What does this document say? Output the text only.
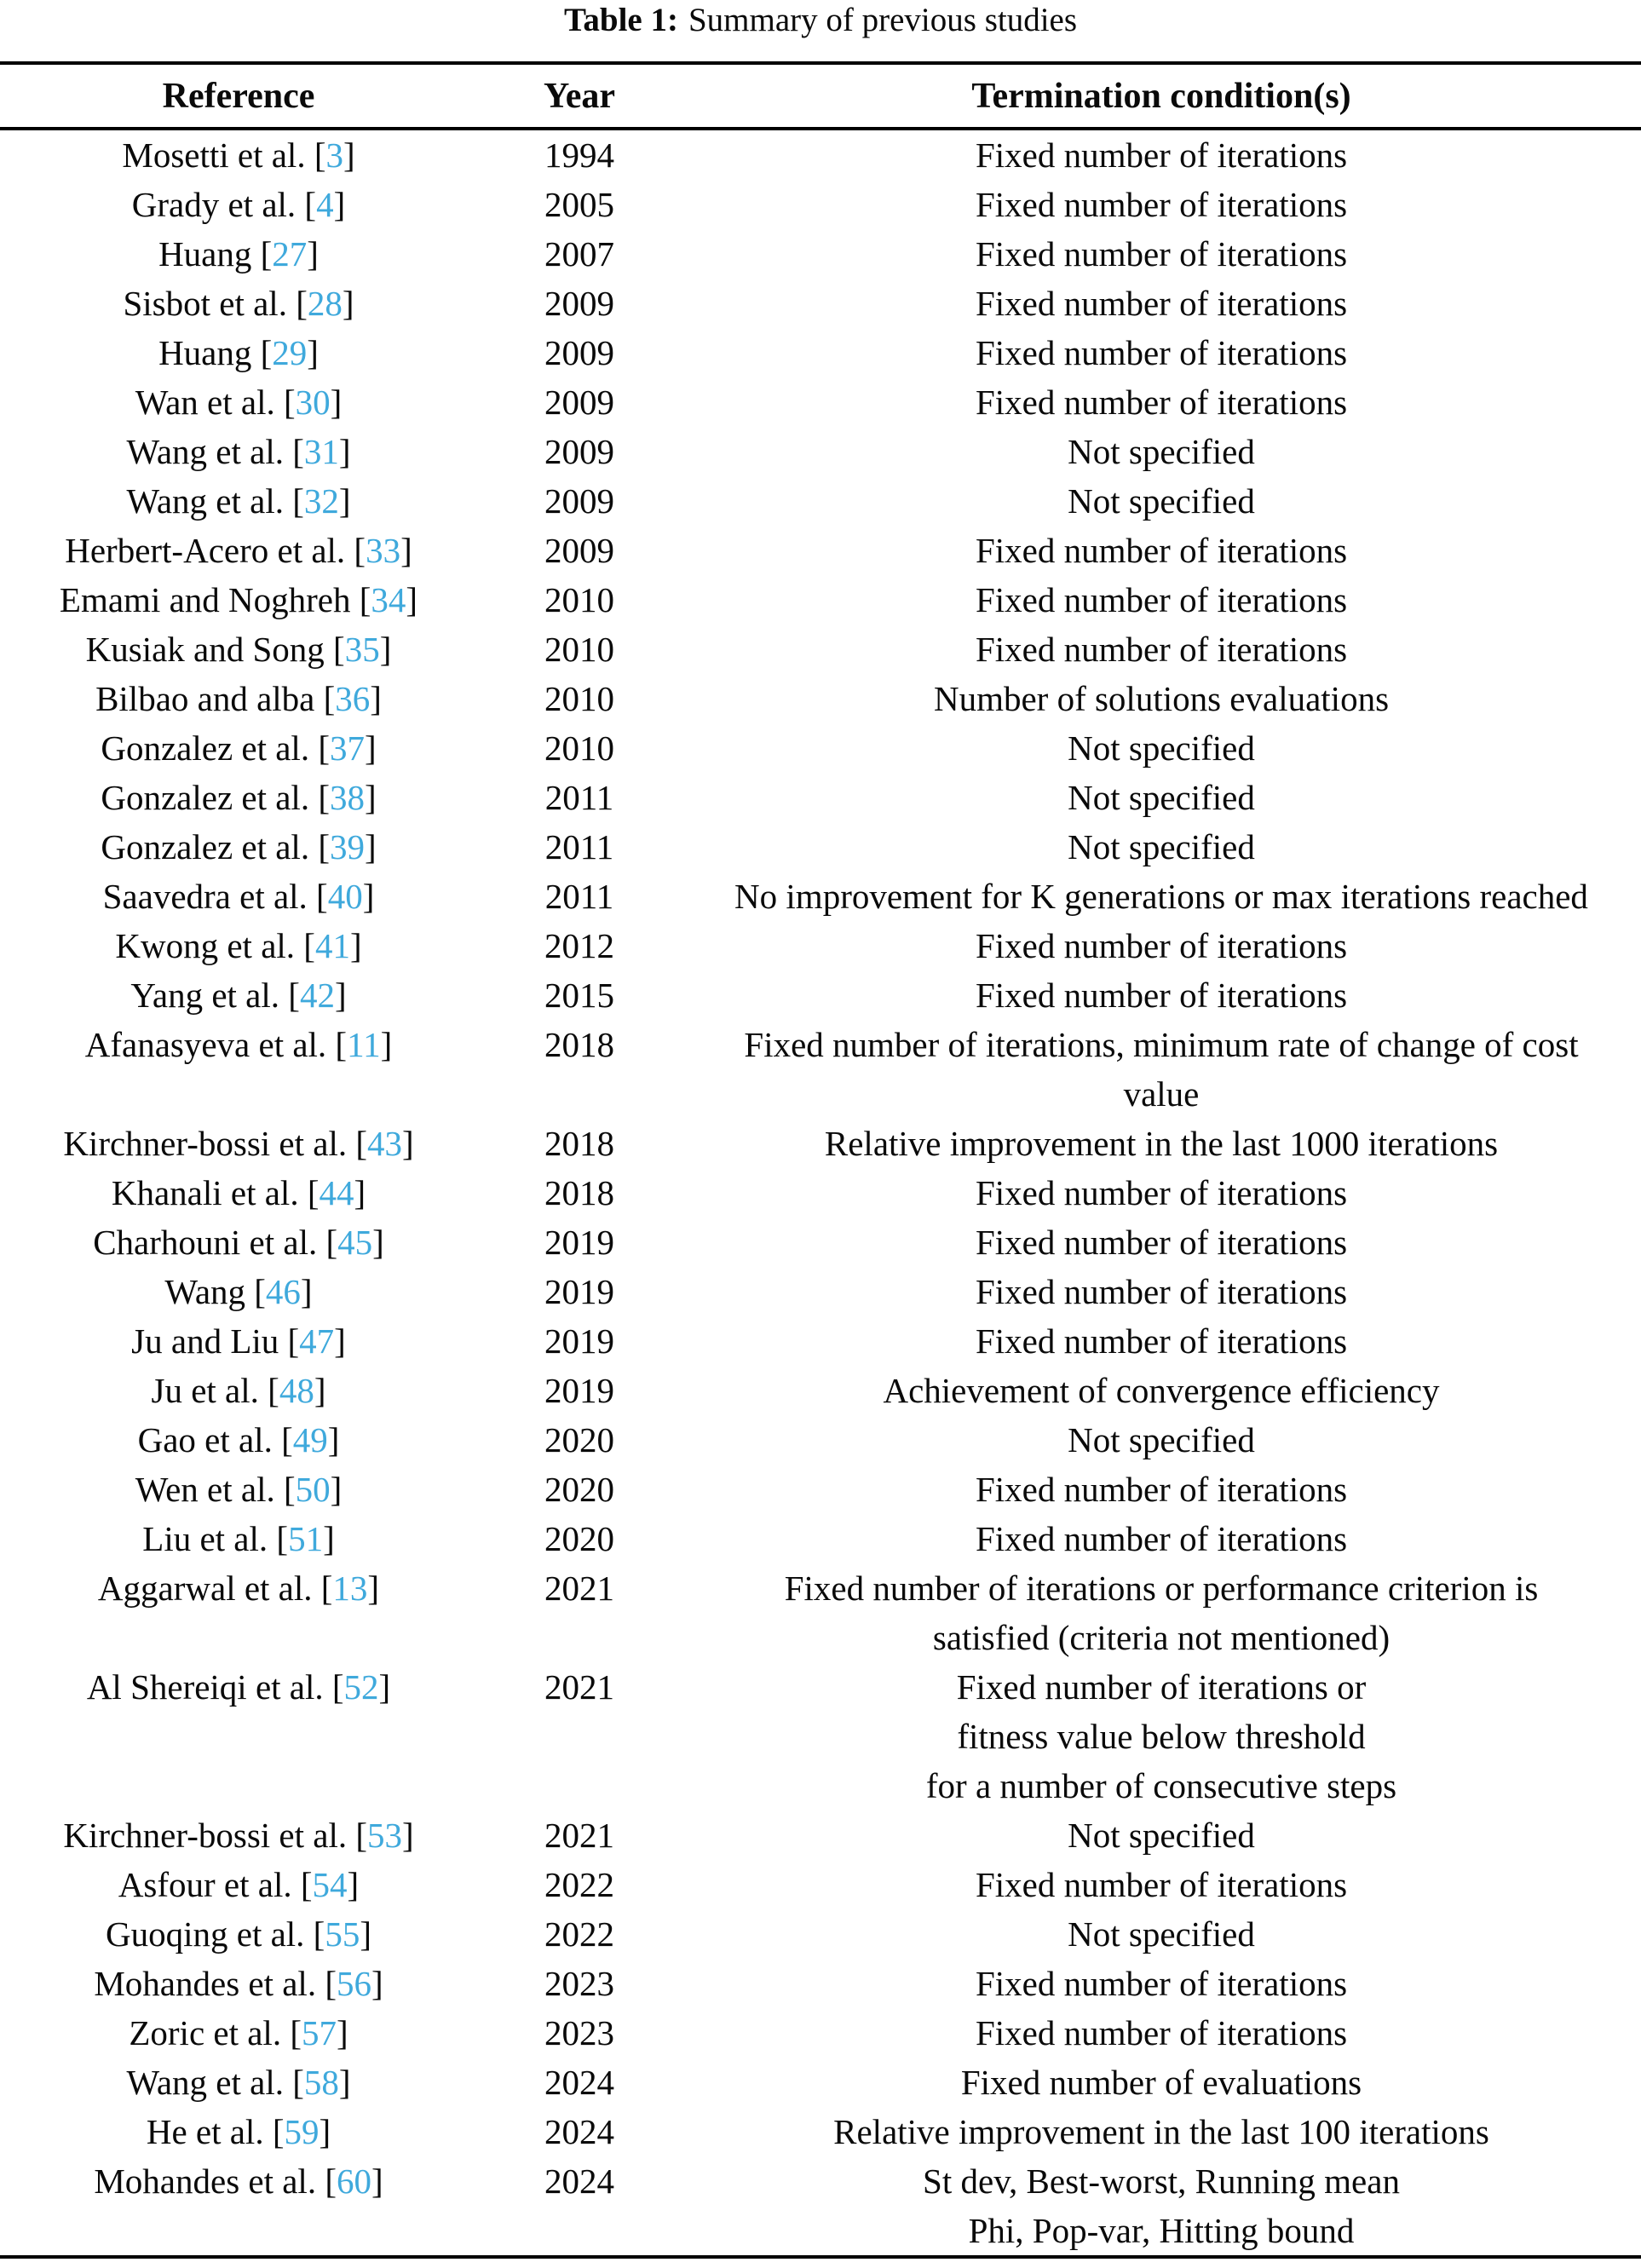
Table 1: Summary of previous studies
Reference	Year	Termination condition(s)
Mosetti et al. [3]	1994	Fixed number of iterations
Grady et al. [4]	2005	Fixed number of iterations
Huang [27]	2007	Fixed number of iterations
Sisbot et al. [28]	2009	Fixed number of iterations
Huang [29]	2009	Fixed number of iterations
Wan et al. [30]	2009	Fixed number of iterations
Wang et al. [31]	2009	Not specified
Wang et al. [32]	2009	Not specified
Herbert-Acero et al. [33]	2009	Fixed number of iterations
Emami and Noghreh [34]	2010	Fixed number of iterations
Kusiak and Song [35]	2010	Fixed number of iterations
Bilbao and alba [36]	2010	Number of solutions evaluations
Gonzalez et al. [37]	2010	Not specified
Gonzalez et al. [38]	2011	Not specified
Gonzalez et al. [39]	2011	Not specified
Saavedra et al. [40]	2011	No improvement for K generations or max iterations reached
Kwong et al. [41]	2012	Fixed number of iterations
Yang et al. [42]	2015	Fixed number of iterations
Afanasyeva et al. [11]	2018	Fixed number of iterations, minimum rate of change of cost
value
Kirchner-bossi et al. [43]	2018	Relative improvement in the last 1000 iterations
Khanali et al. [44]	2018	Fixed number of iterations
Charhouni et al. [45]	2019	Fixed number of iterations
Wang [46]	2019	Fixed number of iterations
Ju and Liu [47]	2019	Fixed number of iterations
Ju et al. [48]	2019	Achievement of convergence efficiency
Gao et al. [49]	2020	Not specified
Wen et al. [50]	2020	Fixed number of iterations
Liu et al. [51]	2020	Fixed number of iterations
Aggarwal et al. [13]	2021	Fixed number of iterations or performance criterion is
satisfied (criteria not mentioned)
Al Shereiqi et al. [52]	2021	Fixed number of iterations or
fitness value below threshold
for a number of consecutive steps
Kirchner-bossi et al. [53]	2021	Not specified
Asfour et al. [54]	2022	Fixed number of iterations
Guoqing et al. [55]	2022	Not specified
Mohandes et al. [56]	2023	Fixed number of iterations
Zoric et al. [57]	2023	Fixed number of iterations
Wang et al. [58]	2024	Fixed number of evaluations
He et al. [59]	2024	Relative improvement in the last 100 iterations
Mohandes et al. [60]	2024	St dev, Best-worst, Running mean
Phi, Pop-var, Hitting bound
